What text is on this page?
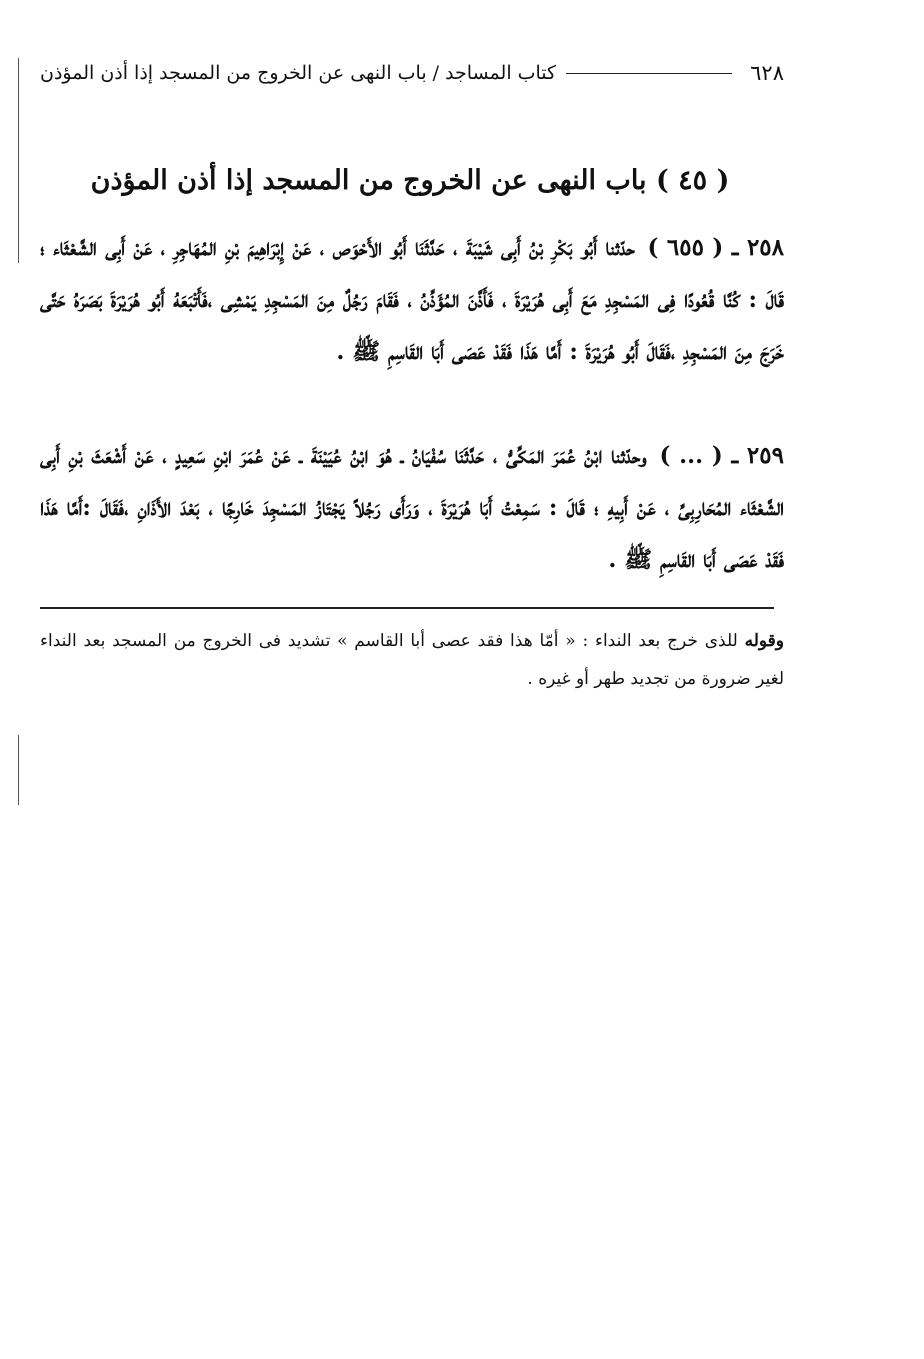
٦٢٨
كتاب المساجد / باب النهى عن الخروج من المسجد إذا أذن المؤذن
( ٤٥ ) باب النهى عن الخروج من المسجد إذا أذن المؤذن
٢٥٨ ـ ( ٦٥٥ ) حدّثنا أَبُو بَكْرِ بْنُ أَبِى شَيْبَةَ ، حَدَّثَنَا أَبُو الأَحْوَص ، عَنْ إِبْرَاهِيمَ بْنِ المُهَاجِرِ ، عَنْ أَبِى الشَّعْثَاء ؛ قَالَ : كُنَّا قُعُودًا فِى المَسْجِدِ مَعَ أَبِى هُرَيْرَةَ ، فَأَذَّنَ المُؤَذِّنُ ، فَقَامَ رَجُلٌ مِنَ المَسْجِدِ يَمْشِى ،فَأَتْبَعَهُ أَبُو هُرَيْرَةَ بَصَرَهُ حَتَّى خَرَجَ مِنَ المَسْجِدِ ،فَقَالَ أَبُو هُرَيْرَةَ : أَمَّا هَذَا فَقَدْ عَصَى أَبَا القَاسِمِ ﷺ .
٢٥٩ ـ ( ... ) وحدّثنا ابْنُ عُمَرَ المَكِّىُّ ، حَدَّثَنَا سُفْيَانُ ـ هُوَ ابْنُ عُيَيْنَةَ ـ عَنْ عُمَرَ ابْنِ سَعِيدٍ ، عَنْ أَشْعَثَ بْنِ أَبِى الشَّعْثَاء المُحَارِبِىِّ ، عَنْ أَبِيهِ ؛ قَالَ : سَمِعْتُ أَبَا هُرَيْرَةَ ، وَرَأَى رَجُلاً يَجْتَازُ المَسْجِدَ خَارِجًا ، بَعْدَ الأَذَانِ ،فَقَالَ :أَمَّا هَذَا فَقَدْ عَصَى أَبَا القَاسِمِ ﷺ .
وقوله للذى خرج بعد النداء : « أمّا هذا فقد عصى أبا القاسم » تشديد فى الخروج من المسجد بعد النداء لغير ضرورة من تجديد طهر أو غيره .
